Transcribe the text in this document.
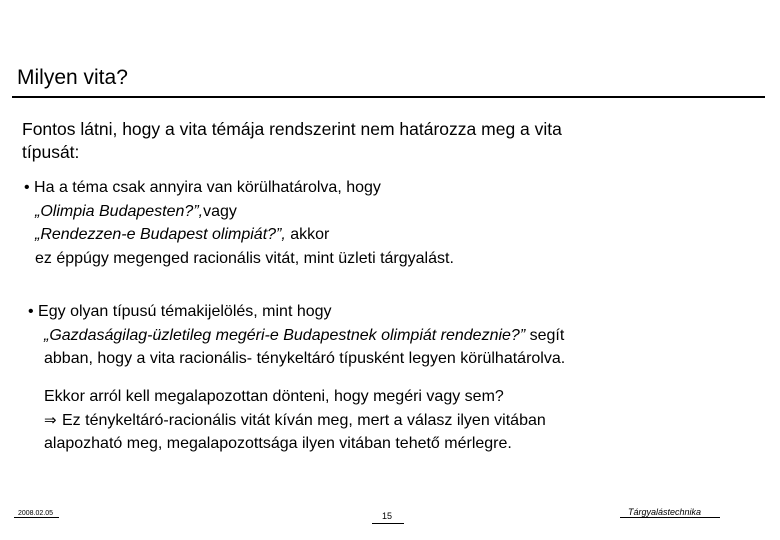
Milyen vita?
Fontos látni, hogy a vita témája rendszerint nem határozza meg a vita
típusát:
• Ha a téma csak annyira van körülhatárolva, hogy
„Olimpia Budapesten?”,vagy
„Rendezzen-e Budapest olimpiát?”, akkor
ez éppúgy megenged racionális vitát, mint üzleti tárgyalást.
• Egy olyan típusú témakijelölés, mint hogy
„Gazdaságilag-üzletileg megéri-e Budapestnek olimpiát rendeznie?” segít
abban, hogy a vita racionális- ténykeltáró típusként legyen körülhatárolva.
Ekkor arról kell megalapozottan dönteni, hogy megéri vagy sem?
⇒ Ez ténykeltáró-racionális vitát kíván meg, mert a válasz ilyen vitában
alapozható meg, megalapozottsága ilyen vitában tehető mérlegre.
2008.02.05	15	Tárgyalástechnika
